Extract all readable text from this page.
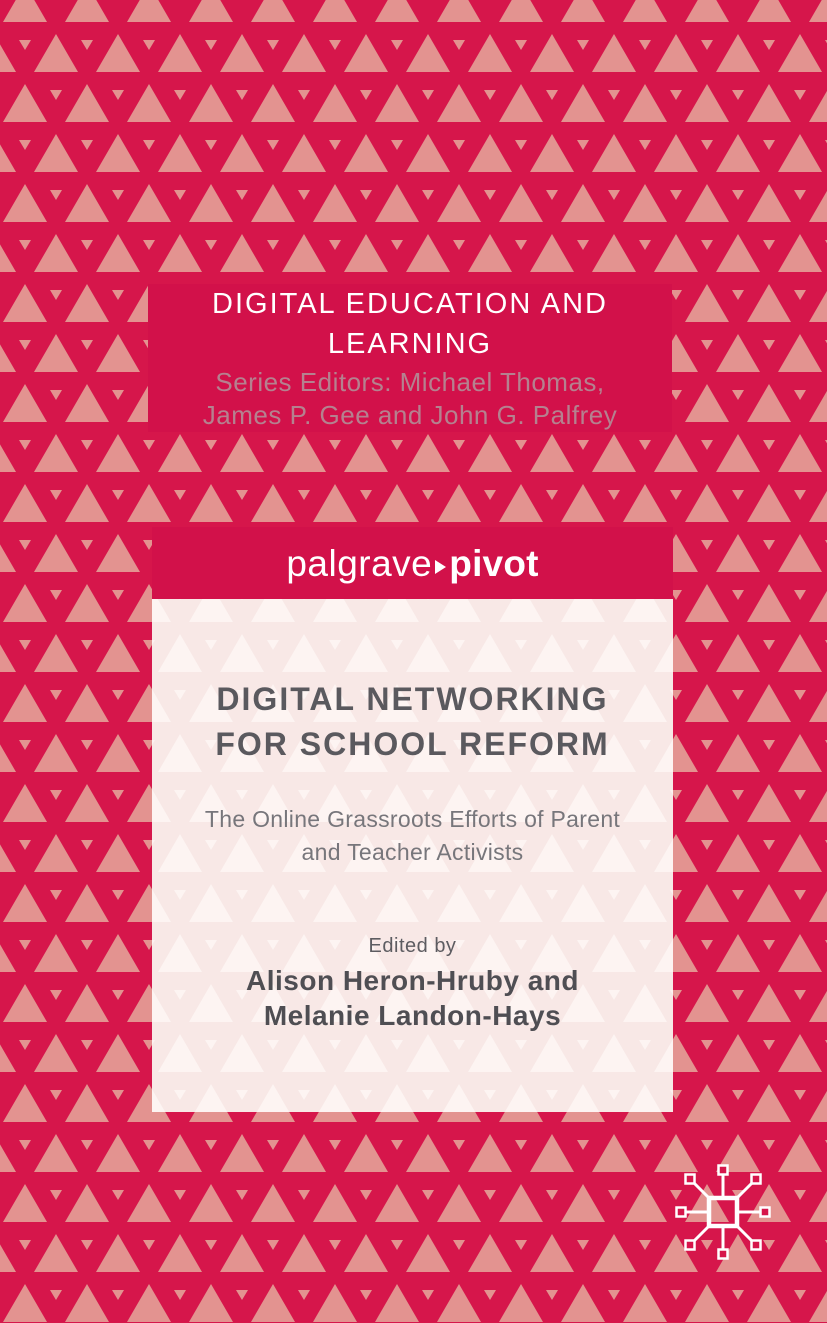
DIGITAL EDUCATION AND
LEARNING
Series Editors: Michael Thomas,
James P. Gee and John G. Palfrey
palgrave pivot
DIGITAL NETWORKING
FOR SCHOOL REFORM
The Online Grassroots Efforts of Parent
and Teacher Activists
Edited by
Alison Heron-Hruby and
Melanie Landon-Hays
